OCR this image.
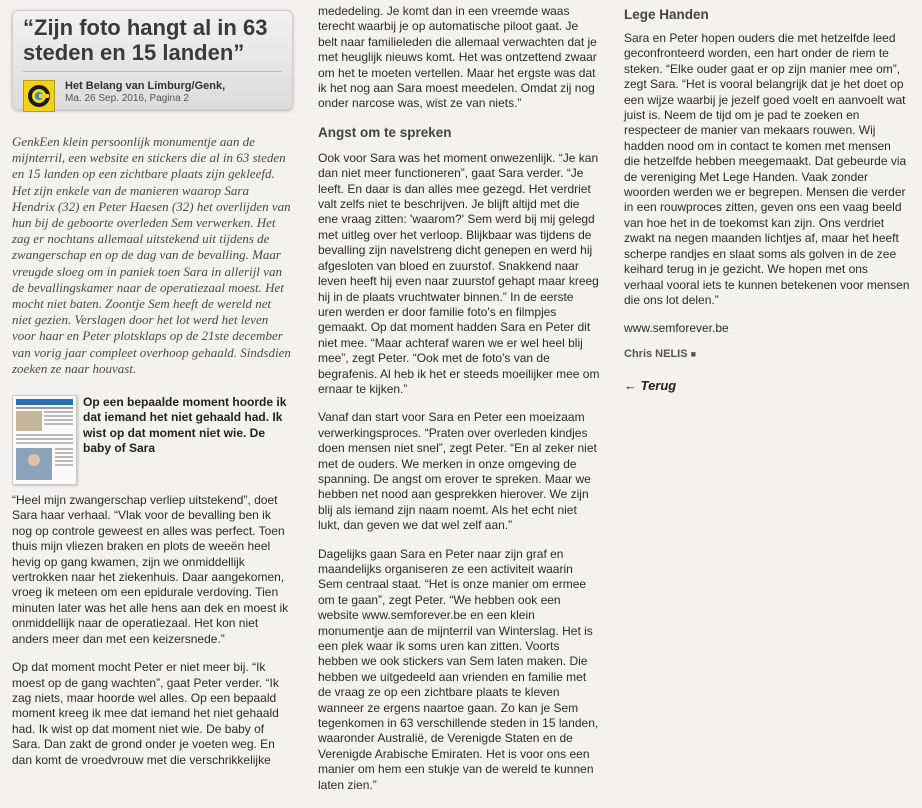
“Zijn foto hangt al in 63 steden en 15 landen”
Het Belang van Limburg/Genk,
Ma. 26 Sep. 2016, Pagina 2

GenkEen klein persoonlijk monumentje aan de mijnterril, een website en stickers die al in 63 steden en 15 landen op een zichtbare plaats zijn gekleefd. Het zijn enkele van de manieren waarop Sara Hendrix (32) en Peter Haesen (32) het overlijden van hun bij de geboorte overleden Sem verwerken. Het zag er nochtans allemaal uitstekend uit tijdens de zwangerschap en op de dag van de bevalling. Maar vreugde sloeg om in paniek toen Sara in allerijl van de bevallingskamer naar de operatiezaal moest. Het mocht niet baten. Zoontje Sem heeft de wereld net niet gezien. Verslagen door het lot werd het leven voor haar en Peter plotsklaps op de 21ste december van vorig jaar compleet overhoop gehaald. Sindsdien zoeken ze naar houvast.

Op een bepaalde moment hoorde ik dat iemand het niet gehaald had. Ik wist op dat moment niet wie. De baby of Sara

“Heel mijn zwangerschap verliep uitstekend”, doet Sara haar verhaal. “Vlak voor de bevalling ben ik nog op controle geweest en alles was perfect. Toen thuis mijn vliezen braken en plots de weeën heel hevig op gang kwamen, zijn we onmiddellijk vertrokken naar het ziekenhuis. Daar aangekomen, vroeg ik meteen om een epidurale verdoving. Tien minuten later was het alle hens aan dek en moest ik onmiddellijk naar de operatiezaal. Het kon niet anders meer dan met een keizersnede.”

Op dat moment mocht Peter er niet meer bij. “Ik moest op de gang wachten”, gaat Peter verder. “Ik zag niets, maar hoorde wel alles. Op een bepaald moment kreeg ik mee dat iemand het niet gehaald had. Ik wist op dat moment niet wie. De baby of Sara. Dan zakt de grond onder je voeten weg. En dan komt de vroedvrouw met die verschrikkelijke

mededeling. Je komt dan in een vreemde waas terecht waarbij je op automatische piloot gaat. Je belt naar familieleden die allemaal verwachten dat je met heuglijk nieuws komt. Het was ontzettend zwaar om het te moeten vertellen. Maar het ergste was dat ik het nog aan Sara moest meedelen. Omdat zij nog onder narcose was, wist ze van niets.”

Angst om te spreken

Ook voor Sara was het moment onwezenlijk. “Je kan dan niet meer functioneren”, gaat Sara verder. “Je leeft. En daar is dan alles mee gezegd. Het verdriet valt zelfs niet te beschrijven. Je blijft altijd met die ene vraag zitten: 'waarom?' Sem werd bij mij gelegd met uitleg over het verloop. Blijkbaar was tijdens de bevalling zijn navelstreng dicht genepen en werd hij afgesloten van bloed en zuurstof. Snakkend naar leven heeft hij even naar zuurstof gehapt maar kreeg hij in de plaats vruchtwater binnen.” In de eerste uren werden er door familie foto's en filmpjes gemaakt. Op dat moment hadden Sara en Peter dit niet mee. “Maar achteraf waren we er wel heel blij mee”, zegt Peter. “Ook met de foto's van de begrafenis. Al heb ik het er steeds moeilijker mee om ernaar te kijken.”

Vanaf dan start voor Sara en Peter een moeizaam verwerkingsproces. “Praten over overleden kindjes doen mensen niet snel”, zegt Peter. “En al zeker niet met de ouders. We merken in onze omgeving de spanning. De angst om erover te spreken. Maar we hebben net nood aan gesprekken hierover. We zijn blij als iemand zijn naam noemt. Als het echt niet lukt, dan geven we dat wel zelf aan.”

Dagelijks gaan Sara en Peter naar zijn graf en maandelijks organiseren ze een activiteit waarin Sem centraal staat. “Het is onze manier om ermee om te gaan”, zegt Peter. “We hebben ook een website www.semforever.be en een klein monumentje aan de mijnterril van Winterslag. Het is een plek waar ik soms uren kan zitten. Voorts hebben we ook stickers van Sem laten maken. Die hebben we uitgedeeld aan vrienden en familie met de vraag ze op een zichtbare plaats te kleven wanneer ze ergens naartoe gaan. Zo kan je Sem tegenkomen in 63 verschillende steden in 15 landen, waaronder Australië, de Verenigde Staten en de Verenigde Arabische Emiraten. Het is voor ons een manier om hem een stukje van de wereld te kunnen laten zien.”

Lege Handen

Sara en Peter hopen ouders die met hetzelfde leed geconfronteerd worden, een hart onder de riem te steken. “Elke ouder gaat er op zijn manier mee om”, zegt Sara. “Het is vooral belangrijk dat je het doet op een wijze waarbij je jezelf goed voelt en aanvoelt wat juist is. Neem de tijd om je pad te zoeken en respecteer de manier van mekaars rouwen. Wij hadden nood om in contact te komen met mensen die hetzelfde hebben meegemaakt. Dat gebeurde via de vereniging Met Lege Handen. Vaak zonder woorden werden we er begrepen. Mensen die verder in een rouwproces zitten, geven ons een vaag beeld van hoe het in de toekomst kan zijn. Ons verdriet zwakt na negen maanden lichtjes af, maar het heeft scherpe randjes en slaat soms als golven in de zee keihard terug in je gezicht. We hopen met ons verhaal vooral iets te kunnen betekenen voor mensen die ons lot delen.”

www.semforever.be

Chris NELIS ■

← Terug
